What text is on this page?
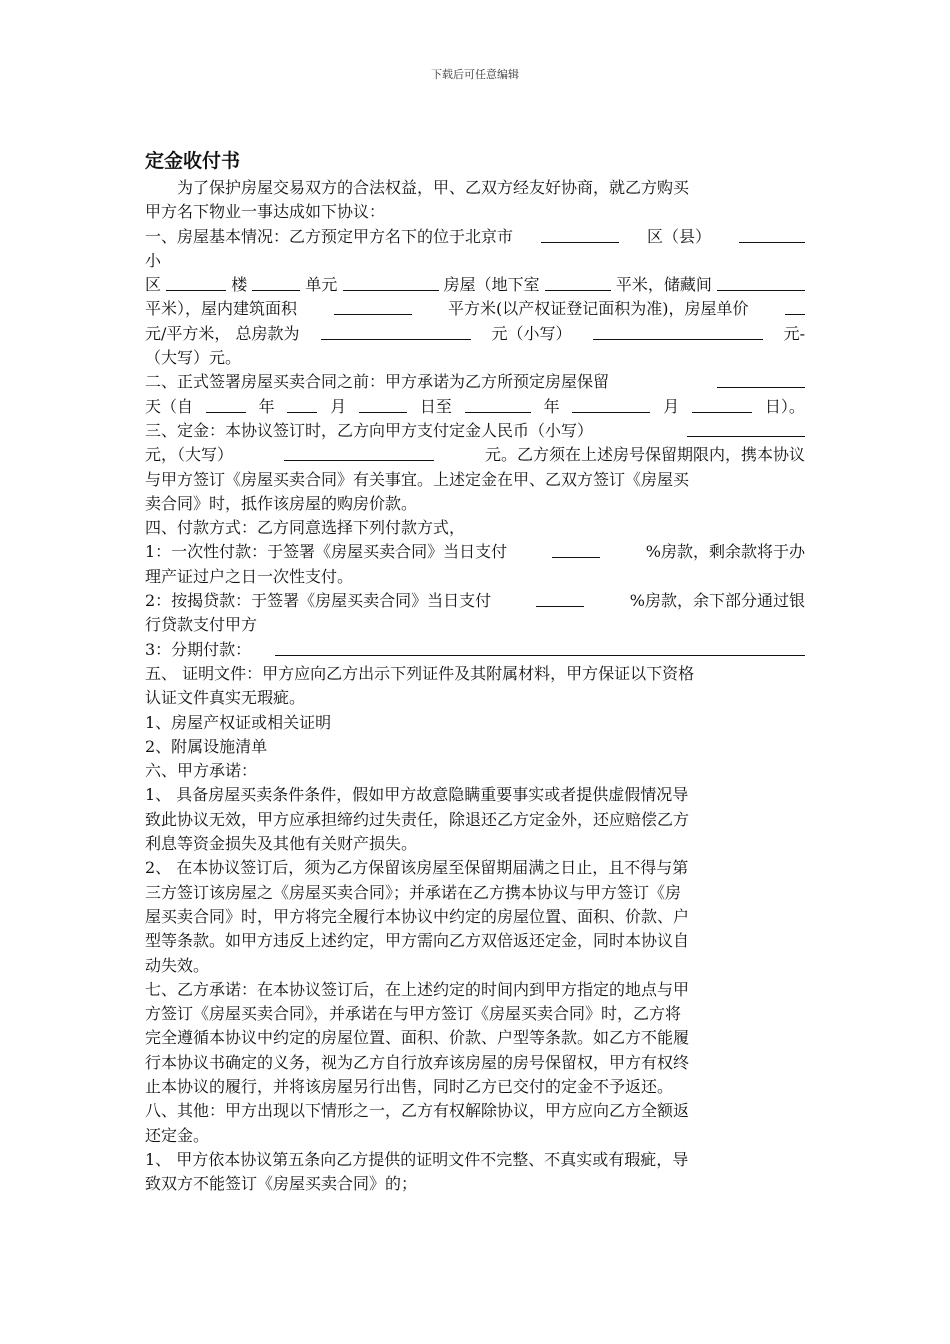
下载后可任意编辑
定金收付书
为了保护房屋交易双方的合法权益，甲、乙双方经友好协商，就乙方购买
甲方名下物业一事达成如下协议：
一、房屋基本情况：乙方预定甲方名下的位于北京市	区（县）
小
区	楼	单元	房屋（地下室	平米，储藏间
平米），屋内建筑面积	平方米(以产权证登记面积为准)，房屋单价
元/平方米， 总房款为	元（小写）	元-
（大写）元。
二、正式签署房屋买卖合同之前：甲方承诺为乙方所预定房屋保留
天（自	年	月	日至	年	月	日）。
三、定金：本协议签订时，乙方向甲方支付定金人民币（小写）
元，（大写）	元。乙方须在上述房号保留期限内，携本协议
与甲方签订《房屋买卖合同》有关事宜。上述定金在甲、乙双方签订《房屋买
卖合同》时，抵作该房屋的购房价款。
四、付款方式：乙方同意选择下列付款方式，
1：一次性付款：于签署《房屋买卖合同》当日支付	%房款，剩余款将于办
理产证过户之日一次性支付。
2：按揭贷款：于签署《房屋买卖合同》当日支付	%房款，余下部分通过银
行贷款支付甲方
3：分期付款：
五、 证明文件：甲方应向乙方出示下列证件及其附属材料，甲方保证以下资格
认证文件真实无瑕疵。
1、房屋产权证或相关证明
2、附属设施清单
六、甲方承诺：
1、 具备房屋买卖条件条件，假如甲方故意隐瞒重要事实或者提供虚假情况导
致此协议无效，甲方应承担缔约过失责任，除退还乙方定金外，还应赔偿乙方
利息等资金损失及其他有关财产损失。
2、 在本协议签订后，须为乙方保留该房屋至保留期届满之日止，且不得与第
三方签订该房屋之《房屋买卖合同》；并承诺在乙方携本协议与甲方签订《房
屋买卖合同》时，甲方将完全履行本协议中约定的房屋位置、面积、价款、户
型等条款。如甲方违反上述约定，甲方需向乙方双倍返还定金，同时本协议自
动失效。
七、乙方承诺：在本协议签订后，在上述约定的时间内到甲方指定的地点与甲
方签订《房屋买卖合同》，并承诺在与甲方签订《房屋买卖合同》时，乙方将
完全遵循本协议中约定的房屋位置、面积、价款、户型等条款。如乙方不能履
行本协议书确定的义务，视为乙方自行放弃该房屋的房号保留权，甲方有权终
止本协议的履行，并将该房屋另行出售，同时乙方已交付的定金不予返还。
八、其他：甲方出现以下情形之一，乙方有权解除协议，甲方应向乙方全额返
还定金。
1、 甲方依本协议第五条向乙方提供的证明文件不完整、不真实或有瑕疵，导
致双方不能签订《房屋买卖合同》的；
